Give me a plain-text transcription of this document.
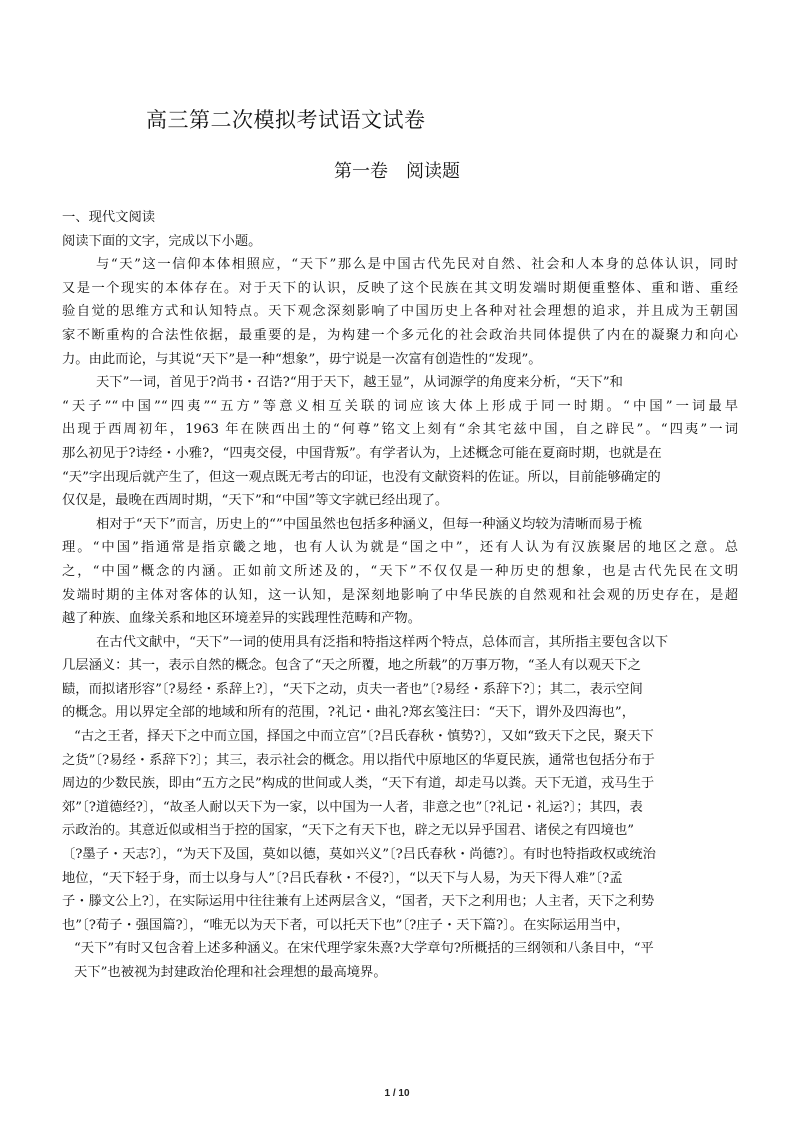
高三第二次模拟考试语文试卷
第一卷　阅读题
一、现代文阅读
阅读下面的文字，完成以下小题。
与“天”这一信仰本体相照应，“天下”那么是中国古代先民对自然、社会和人本身的总体认识，同时
又是一个现实的本体存在。对于天下的认识，反映了这个民族在其文明发端时期便重整体、重和谐、重经
验自觉的思维方式和认知特点。天下观念深刻影响了中国历史上各种对社会理想的追求，并且成为王朝国
家不断重构的合法性依据，最重要的是，为构建一个多元化的社会政治共同体提供了内在的凝聚力和向心
力。由此而论，与其说“天下”是一种“想象”，毋宁说是一次富有创造性的“发现”。
天下”一词，首见于?尚书・召诰?“用于天下，越王显”，从词源学的角度来分析，“天下”和
“天子”“中国”“四夷”“五方”等意义相互关联的词应该大体上形成于同一时期。“中国”一词最早
出现于西周初年，1963 年在陕西出土的“何尊”铭文上刻有“余其宅兹中国，自之辟民”。“四夷”一词
那么初见于?诗经・小雅?，“四夷交侵，中国背叛”。有学者认为，上述概念可能在夏商时期，也就是在
“天”字出现后就产生了，但这一观点既无考古的印证，也没有文献资料的佐证。所以，目前能够确定的
仅仅是，最晚在西周时期，“天下”和“中国”等文字就已经出现了。
相对于“天下”而言，历史上的“”中国虽然也包括多种涵义，但每一种涵义均较为清晰而易于梳
理。“中国”指通常是指京畿之地，也有人认为就是“国之中”，还有人认为有汉族聚居的地区之意。总
之，“中国”概念的内涵。正如前文所述及的，“天下”不仅仅是一种历史的想象，也是古代先民在文明
发端时期的主体对客体的认知，这一认知，是深刻地影响了中华民族的自然观和社会观的历史存在，是超
越了种族、血缘关系和地区环境差异的实践理性范畴和产物。
在古代文献中，“天下”一词的使用具有泛指和特指这样两个特点，总体而言，其所指主要包含以下
几层涵义：其一，表示自然的概念。包含了“天之所覆，地之所载”的万事万物，“圣人有以观天下之
赜，而拟诸形容”〔?易经・系辞上?〕，“天下之动，贞夫一者也”〔?易经・系辞下?〕；其二，表示空间
的概念。用以界定全部的地域和所有的范围，?礼记・曲礼?郑玄笺注曰：“天下，谓外及四海也”，
“古之王者，择天下之中而立国，择国之中而立宫”〔?吕氏春秋・慎势?〕，又如“致天下之民，聚天下
之货”〔?易经・系辞下?〕；其三，表示社会的概念。用以指代中原地区的华夏民族，通常也包括分布于
周边的少数民族，即由“五方之民”构成的世间或人类，“天下有道，却走马以粪。天下无道，戎马生于
郊”〔?道德经?〕，“故圣人耐以天下为一家，以中国为一人者，非意之也”〔?礼记・礼运?〕；其四，表
示政治的。其意近似或相当于控的国家，“天下之有天下也，辟之无以异乎国君、诸侯之有四境也”
〔?墨子・天志?〕，“为天下及国，莫如以德，莫如兴义”〔?吕氏春秋・尚德?〕。有时也特指政权或统治
地位，“天下轻于身，而士以身与人”〔?吕氏春秋・不侵?〕，“以天下与人易，为天下得人难”〔?孟
子・滕文公上?〕，在实际运用中往往兼有上述两层含义，“国者，天下之利用也；人主者，天下之利势
也”〔?荀子・强国篇?〕，“唯无以为天下者，可以托天下也”〔?庄子・天下篇?〕。在实际运用当中，
“天下”有时又包含着上述多种涵义。在宋代理学家朱熹?大学章句?所概括的三纲领和八条目中，“平
天下”也被视为封建政治伦理和社会理想的最高境界。
1 / 10
